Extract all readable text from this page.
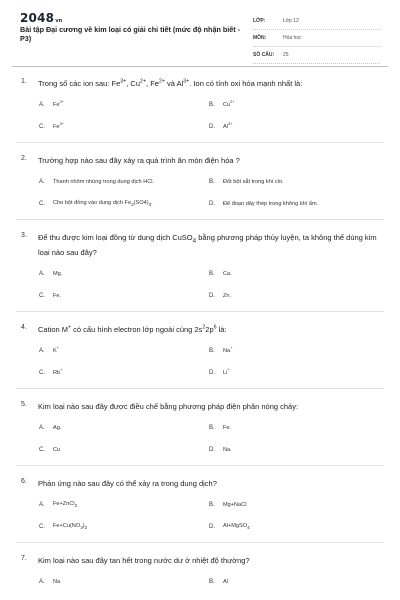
2048vn
Bài tập Đại cương về kim loại có giải chi tiết (mức độ nhận biết - P3)
LỚP:	Lớp 12
MÔN:	Hóa học
SỐ CÂU:	25
1. Trong số các ion sau: $Fe^{3+}$, $Cu^{2+}$, $Fe^{2+}$ và $Al^{3+}$. Ion có tính oxi hóa mạnh nhất là:
A.	$Fe^{2+}$
B.	$Cu^{2+}$
C.	$Fe^{3+}$
D.	$Al^{3+}$
2. Trường hợp nào sau đây xảy ra quá trình ăn mòn điện hóa ?
A.	Thanh nhôm nhúng trong dung dịch HCl.	B.	Đốt bột sắt trong khí clo.
C.	Cho bột đồng vào dung dịch $Fe_2(SO4)_3$.	D.	Để đoạn dây thép trong không khí ẩm.
3. Để thu được kim loại đồng từ dung dịch CuSO$_4$ bằng phương pháp thủy luyện, ta không thể dùng kim loại nào sau đây?
A.	Mg.	B.	Ca.
C.	Fe.	D.	Zn.
4. Cation M+ có cấu hình electron lớp ngoài cùng $2s^22p^6$ là:
A.	K+
B.	Na+
C.	Rb+
D.	Li+
5. Kim loại nào sau đây được điều chế bằng phương pháp điện phân nóng chảy:
A.	Ag.	B.	Fe.
C.	Cu	D.	Na.
6. Phản ứng nào sau đây có thể xảy ra trong dung dịch?
A.	Fe+ZnCl$_2$	B.	Mg+NaCl
C.	$Fe+Cu(NO_3)_2$	D.	Al+MgSO$_4$
7. Kim loại nào sau đây tan hết trong nước dư ở nhiệt độ thường?
A.	Na	B.	Al
